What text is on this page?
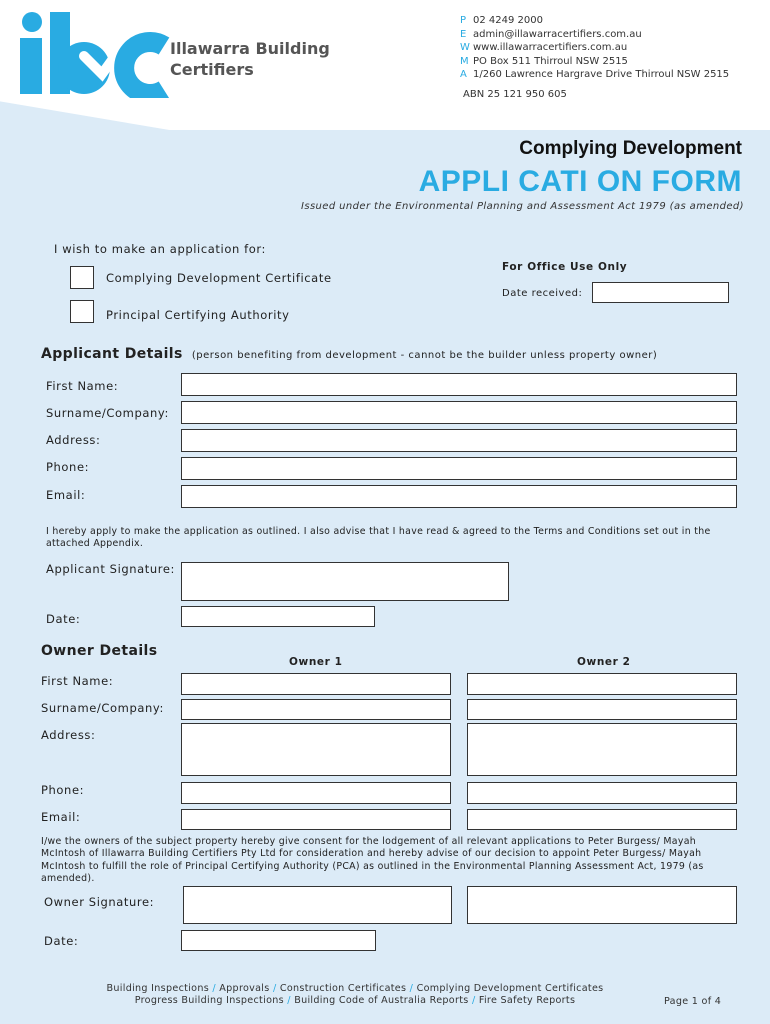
Illawarra Building
Certifiers
P 02 4249 2000
E admin@illawarracertifiers.com.au
W www.illawarracertifiers.com.au
M PO Box 511 Thirroul NSW 2515
A 1/260 Lawrence Hargrave Drive Thirroul NSW 2515
ABN 25 121 950 605
Complying Development
APPLI CATI ON FORM
Issued under the Environmental Planning and Assessment Act 1979 (as amended)
I wish to make an application for:
Complying Development Certificate
Principal Certifying Authority
For Office Use Only
Date received:
Applicant Details (person benefiting from development - cannot be the builder unless property owner)
First Name:
Surname/Company:
Address:
Phone:
Email:
I hereby apply to make the application as outlined. I also advise that I have read & agreed to the Terms and Conditions set out in the attached Appendix.
Applicant Signature:
Date:
Owner Details
Owner 1	Owner 2
First Name:
Surname/Company:
Address:
Phone:
Email:
I/we the owners of the subject property hereby give consent for the lodgement of all relevant applications to Peter Burgess/ Mayah McIntosh of Illawarra Building Certifiers Pty Ltd for consideration and hereby advise of our decision to appoint Peter Burgess/ Mayah McIntosh to fulfill the role of Principal Certifying Authority (PCA) as outlined in the Environmental Planning Assessment Act, 1979 (as amended).
Owner Signature:
Date:
Building Inspections / Approvals / Construction Certificates / Complying Development Certificates
Progress Building Inspections / Building Code of Australia Reports / Fire Safety Reports	Page 1 of 4
